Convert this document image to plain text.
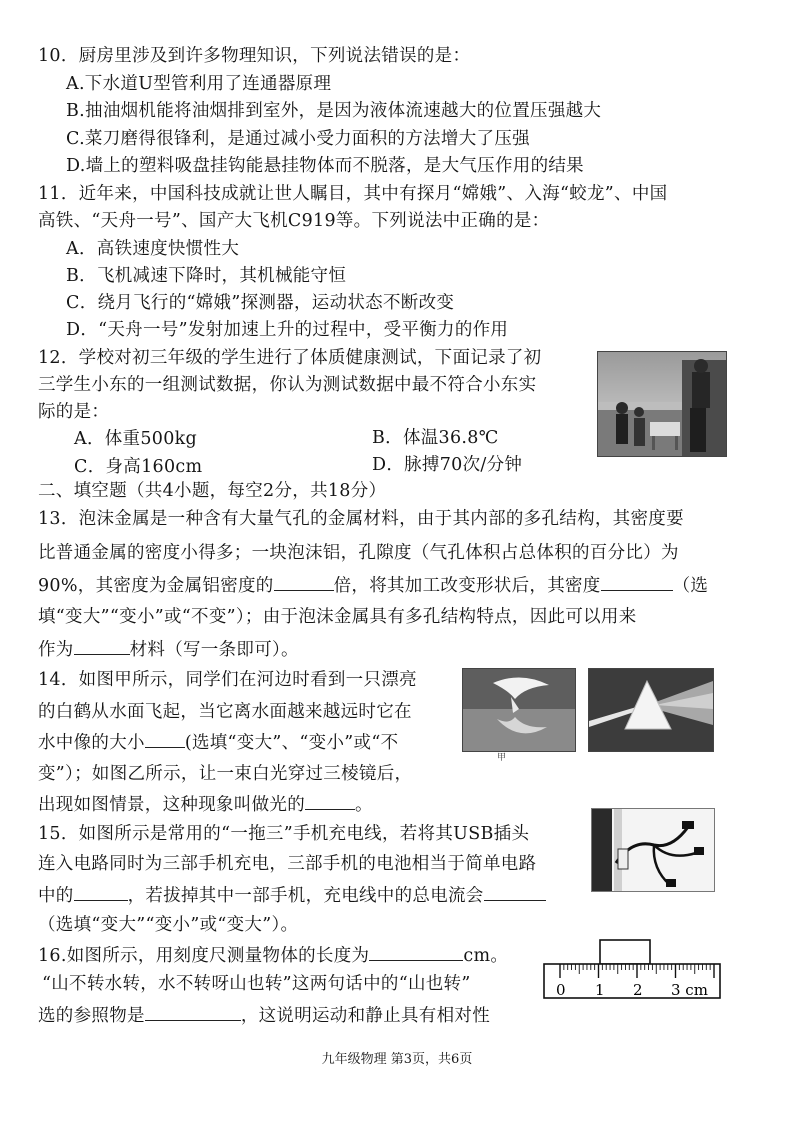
10．厨房里涉及到许多物理知识，下列说法错误的是：
A.下水道U型管利用了连通器原理
B.抽油烟机能将油烟排到室外，是因为液体流速越大的位置压强越大
C.菜刀磨得很锋利，是通过减小受力面积的方法增大了压强
D.墙上的塑料吸盘挂钩能悬挂物体而不脱落，是大气压作用的结果
11．近年来，中国科技成就让世人瞩目，其中有探月“嫦娥”、入海“蛟龙”、中国
高铁、“天舟一号”、国产大飞机C919等。下列说法中正确的是：
A．高铁速度快惯性大
B．飞机减速下降时，其机械能守恒
C．绕月飞行的“嫦娥”探测器，运动状态不断改变
D．“天舟一号”发射加速上升的过程中，受平衡力的作用
12．学校对初三年级的学生进行了体质健康测试，下面记录了初
三学生小东的一组测试数据，你认为测试数据中最不符合小东实
际的是：
A．体重500kg	B．体温36.8℃
C．身高160cm	D．脉搏70次/分钟
二、填空题（共4小题，每空2分，共18分）
13．泡沫金属是一种含有大量气孔的金属材料，由于其内部的多孔结构，其密度要
比普通金属的密度小得多；一块泡沫铝，孔隙度（气孔体积占总体积的百分比）为
90%，其密度为金属铝密度的	倍，将其加工改变形状后，其密度	（选
填“变大”“变小”或“不变”）；由于泡沫金属具有多孔结构特点，因此可以用来
作为	材料（写一条即可）。
14．如图甲所示，同学们在河边时看到一只漂亮
的白鹤从水面飞起，当它离水面越来越远时它在
水中像的大小 (选填“变大”、“变小”或“不
变”）；如图乙所示，让一束白光穿过三棱镜后，
出现如图情景，这种现象叫做光的	。
甲
15．如图所示是常用的“一拖三”手机充电线，若将其USB插头
连入电路同时为三部手机充电，三部手机的电池相当于简单电路
中的	，若拔掉其中一部手机，充电线中的总电流会
（选填“变大”“变小”或“变大”）。
16.如图所示，用刻度尺测量物体的长度为	cm。
“山不转水转，水不转呀山也转”这两句话中的“山也转”
选的参照物是	，这说明运动和静止具有相对性
0 1 2 3 cm
九年级物理 第3页，共6页
